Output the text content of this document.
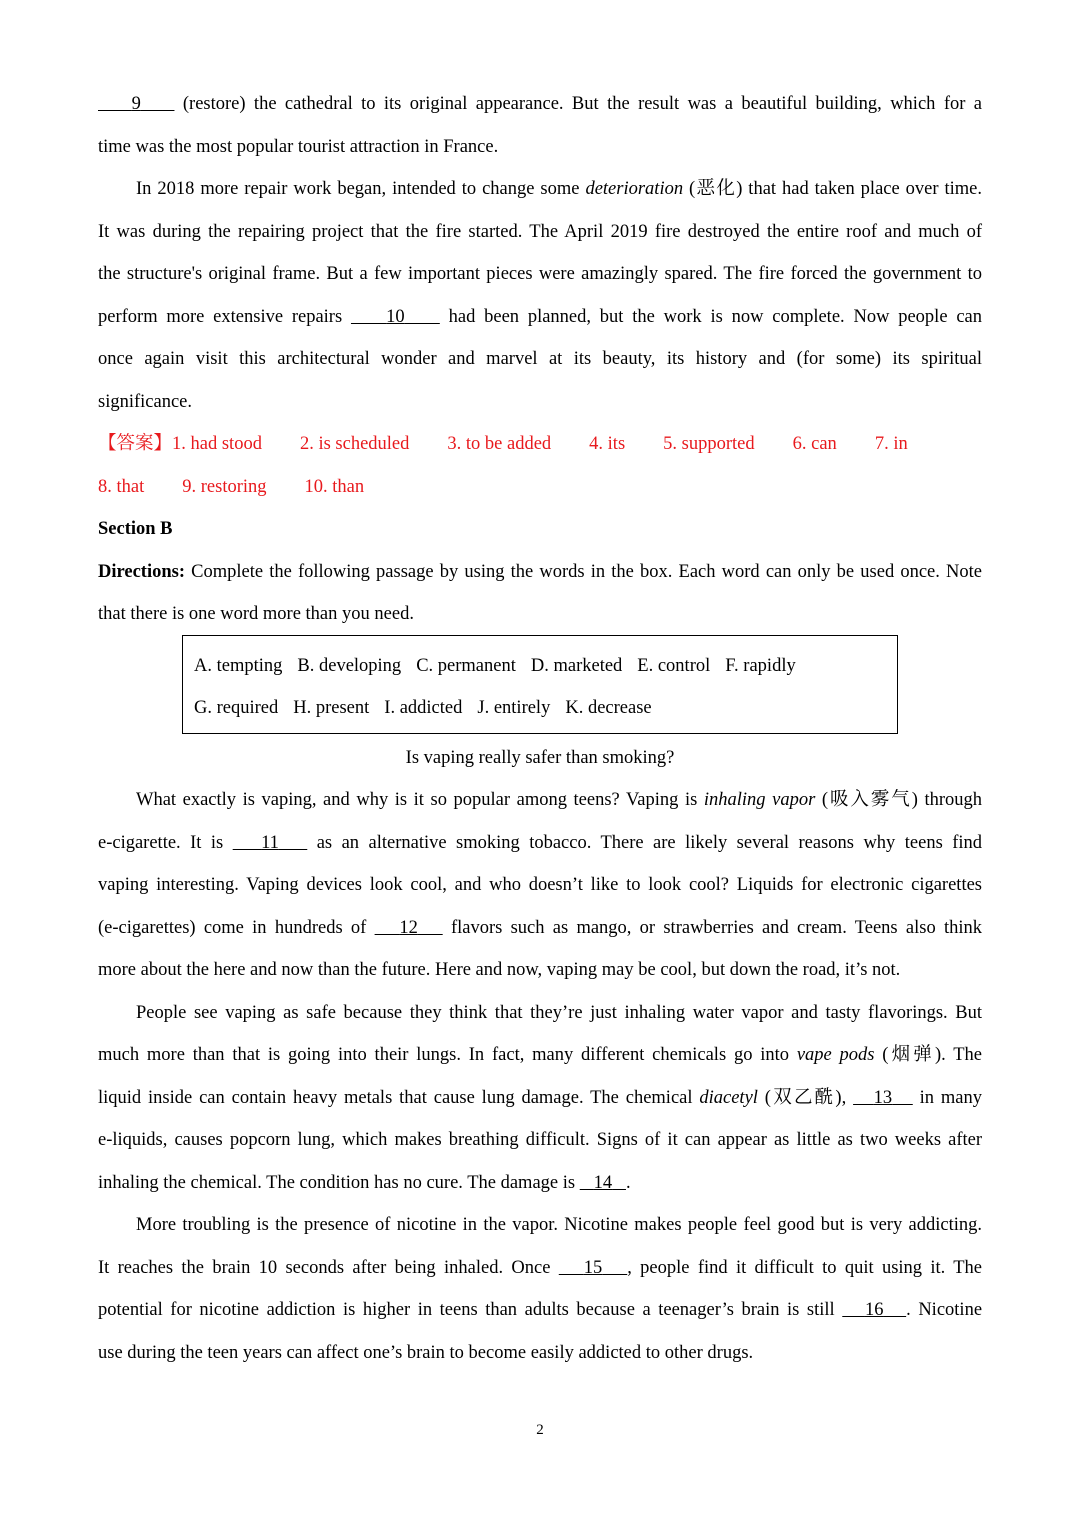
9     (restore) the cathedral to its original appearance. But the result was a beautiful building, which for a
time was the most popular tourist attraction in France.
In 2018 more repair work began, intended to change some deterioration (恶化) that had taken place over time.
It was during the repairing project that the fire started. The April 2019 fire destroyed the entire roof and much of
the structure's original frame. But a few important pieces were amazingly spared. The fire forced the government to
perform more extensive repairs     10     had been planned, but the work is now complete. Now people can
once again visit this architectural wonder and marvel at its beauty, its history and (for some) its spiritual
significance.
【答案】1. had stood 2. is scheduled 3. to be added 4. its 5. supported 6. can 7. in
8. that 9. restoring 10. than
Section B
Directions: Complete the following passage by using the words in the box. Each word can only be used once. Note
that there is one word more than you need.
A. tempting B. developing C. permanent D. marketed E. control F. rapidly
G. required H. present I. addicted J. entirely K. decrease
Is vaping really safer than smoking?
What exactly is vaping, and why is it so popular among teens? Vaping is inhaling vapor (吸入雾气) through
e-cigarette. It is    11    as an alternative smoking tobacco. There are likely several reasons why teens find
vaping interesting. Vaping devices look cool, and who doesn’t like to look cool? Liquids for electronic cigarettes
(e-cigarettes) come in hundreds of    12    flavors such as mango, or strawberries and cream. Teens also think
more about the here and now than the future. Here and now, vaping may be cool, but down the road, it’s not.
People see vaping as safe because they think that they’re just inhaling water vapor and tasty flavorings. But
much more than that is going into their lungs. In fact, many different chemicals go into vape pods (烟弹). The
liquid inside can contain heavy metals that cause lung damage. The chemical diacetyl (双乙酰),    13    in many
e-liquids, causes popcorn lung, which makes breathing difficult. Signs of it can appear as little as two weeks after
inhaling the chemical. The condition has no cure. The damage is    14 .
More troubling is the presence of nicotine in the vapor. Nicotine makes people feel good but is very addicting.
It reaches the brain 10 seconds after being inhaled. Once    15 , people find it difficult to quit using it. The
potential for nicotine addiction is higher in teens than adults because a teenager’s brain is still    16 . Nicotine
use during the teen years can affect one’s brain to become easily addicted to other drugs.
2
